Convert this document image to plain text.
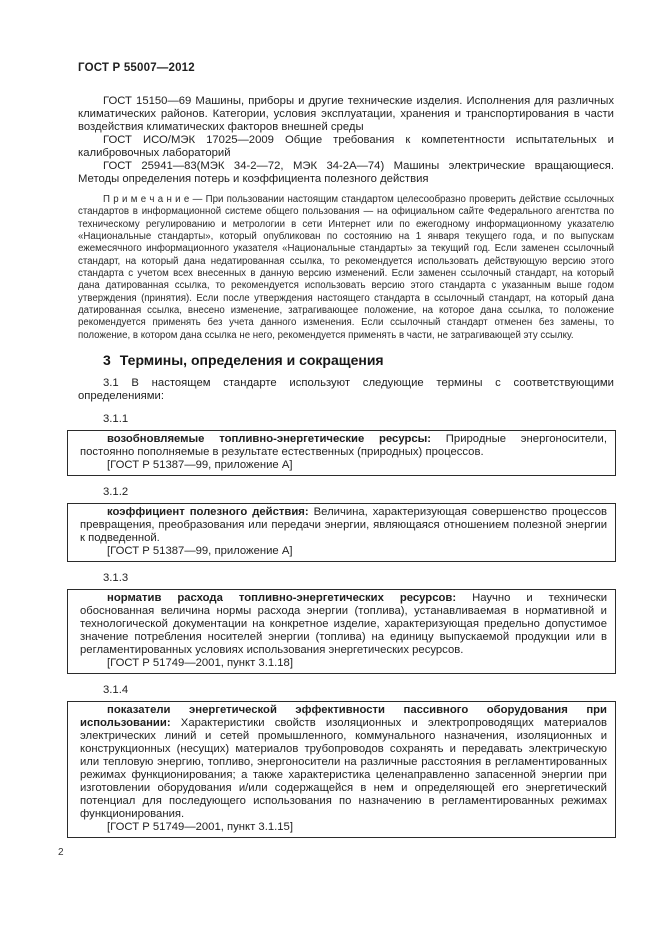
ГОСТ Р 55007—2012

ГОСТ 15150—69 Машины, приборы и другие технические изделия. Исполнения для различных климатических районов. Категории, условия эксплуатации, хранения и транспортирования в части воздействия климатических факторов внешней среды

ГОСТ ИСО/МЭК 17025—2009 Общие требования к компетентности испытательных и калибровочных лабораторий

ГОСТ 25941—83(МЭК 34-2—72, МЭК 34-2А—74) Машины электрические вращающиеся. Методы определения потерь и коэффициента полезного действия

П р и м е ч а н и е — При пользовании настоящим стандартом целесообразно проверить действие ссылочных стандартов в информационной системе общего пользования — на официальном сайте Федерального агентства по техническому регулированию и метрологии в сети Интернет или по ежегодному информационному указателю «Национальные стандарты», который опубликован по состоянию на 1 января текущего года, и по выпускам ежемесячного информационного указателя «Национальные стандарты» за текущий год. Если заменен ссылочный стандарт, на который дана недатированная ссылка, то рекомендуется использовать действующую версию этого стандарта с учетом всех внесенных в данную версию изменений. Если заменен ссылочный стандарт, на который дана датированная ссылка, то рекомендуется использовать версию этого стандарта с указанным выше годом утверждения (принятия). Если после утверждения настоящего стандарта в ссылочный стандарт, на который дана датированная ссылка, внесено изменение, затрагивающее положение, на которое дана ссылка, то положение рекомендуется применять без учета данного изменения. Если ссылочный стандарт отменен без замены, то положение, в котором дана ссылка не него, рекомендуется применять в части, не затрагивающей эту ссылку.

3 Термины, определения и сокращения

3.1 В настоящем стандарте используют следующие термины с соответствующими определениями:

3.1.1

возобновляемые топливно-энергетические ресурсы: Природные энергоносители, постоянно пополняемые в результате естественных (природных) процессов.

[ГОСТ Р 51387—99, приложение А]

3.1.2

коэффициент полезного действия: Величина, характеризующая совершенство процессов превращения, преобразования или передачи энергии, являющаяся отношением полезной энергии к подведенной.

[ГОСТ Р 51387—99, приложение А]

3.1.3

норматив расхода топливно-энергетических ресурсов: Научно и технически обоснованная величина нормы расхода энергии (топлива), устанавливаемая в нормативной и технологической документации на конкретное изделие, характеризующая предельно допустимое значение потребления носителей энергии (топлива) на единицу выпускаемой продукции или в регламентированных условиях использования энергетических ресурсов.

[ГОСТ Р 51749—2001, пункт 3.1.18]

3.1.4

показатели энергетической эффективности пассивного оборудования при использовании: Характеристики свойств изоляционных и электропроводящих материалов электрических линий и сетей промышленного, коммунального назначения, изоляционных и конструкционных (несущих) материалов трубопроводов сохранять и передавать электрическую или тепловую энергию, топливо, энергоносители на различные расстояния в регламентированных режимах функционирования; а также характеристика целенаправленно запасенной энергии при изготовлении оборудования и/или содержащейся в нем и определяющей его энергетический потенциал для последующего использования по назначению в регламентированных режимах функционирования.

[ГОСТ Р 51749—2001, пункт 3.1.15]

2
